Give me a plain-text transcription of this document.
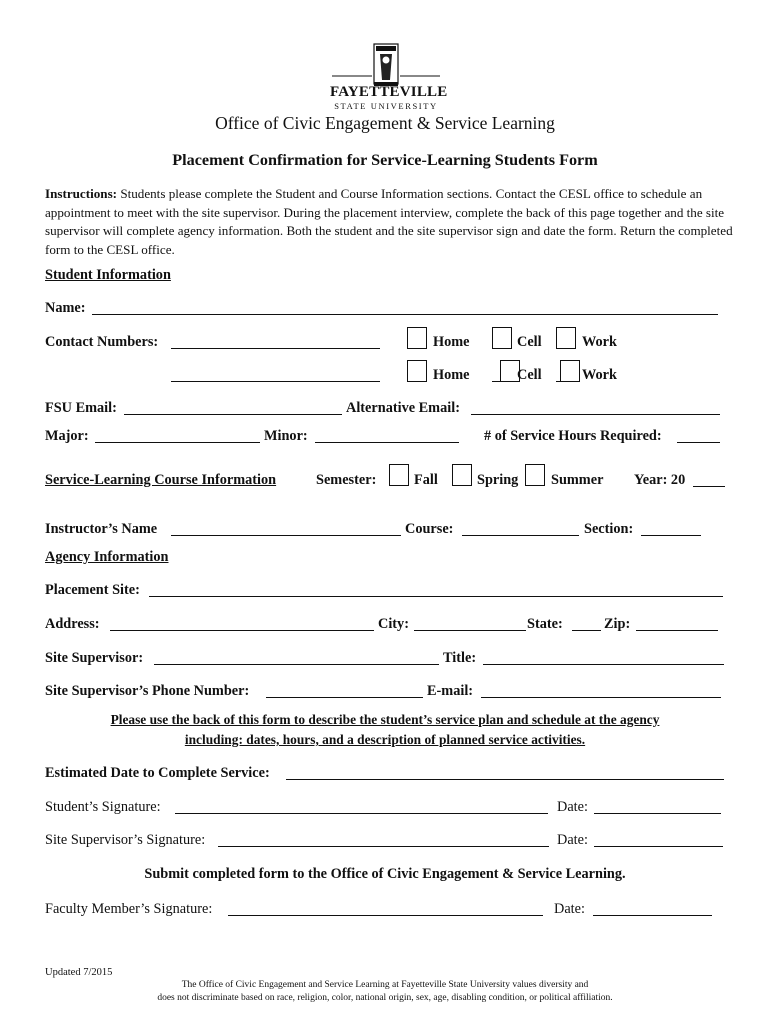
FAYETTEVILLE
STATE UNIVERSITY
Office of Civic Engagement & Service Learning
Placement Confirmation for Service-Learning Students Form
Instructions: Students please complete the Student and Course Information sections. Contact the CESL office to schedule an
appointment to meet with the site supervisor. During the placement interview, complete the back of this page together and the site
supervisor will complete agency information. Both the student and the site supervisor sign and date the form. Return the completed
form to the CESL office.
Student Information
Name:
Contact Numbers:	Home	Cell	Work
Home	Cell	Work
FSU Email:	Alternative Email:
Major:	Minor:	# of Service Hours Required:
Service-Learning Course Information	Semester:	Fall	Spring Summer Year: 20
Instructor’s Name	Course:	Section:
Agency Information
Placement Site:
Address:	City:	State:	Zip:
Site Supervisor:	Title:
Site Supervisor’s Phone Number:	E-mail:
Please use the back of this form to describe the student’s service plan and schedule at the agency
including: dates, hours, and a description of planned service activities.
Estimated Date to Complete Service:
Student’s Signature:	Date:
Site Supervisor’s Signature:	Date:
Submit completed form to the Office of Civic Engagement & Service Learning.
Faculty Member’s Signature:	Date:
Updated 7/2015
The Office of Civic Engagement and Service Learning at Fayetteville State University values diversity and
does not discriminate based on race, religion, color, national origin, sex, age, disabling condition, or political affiliation.
